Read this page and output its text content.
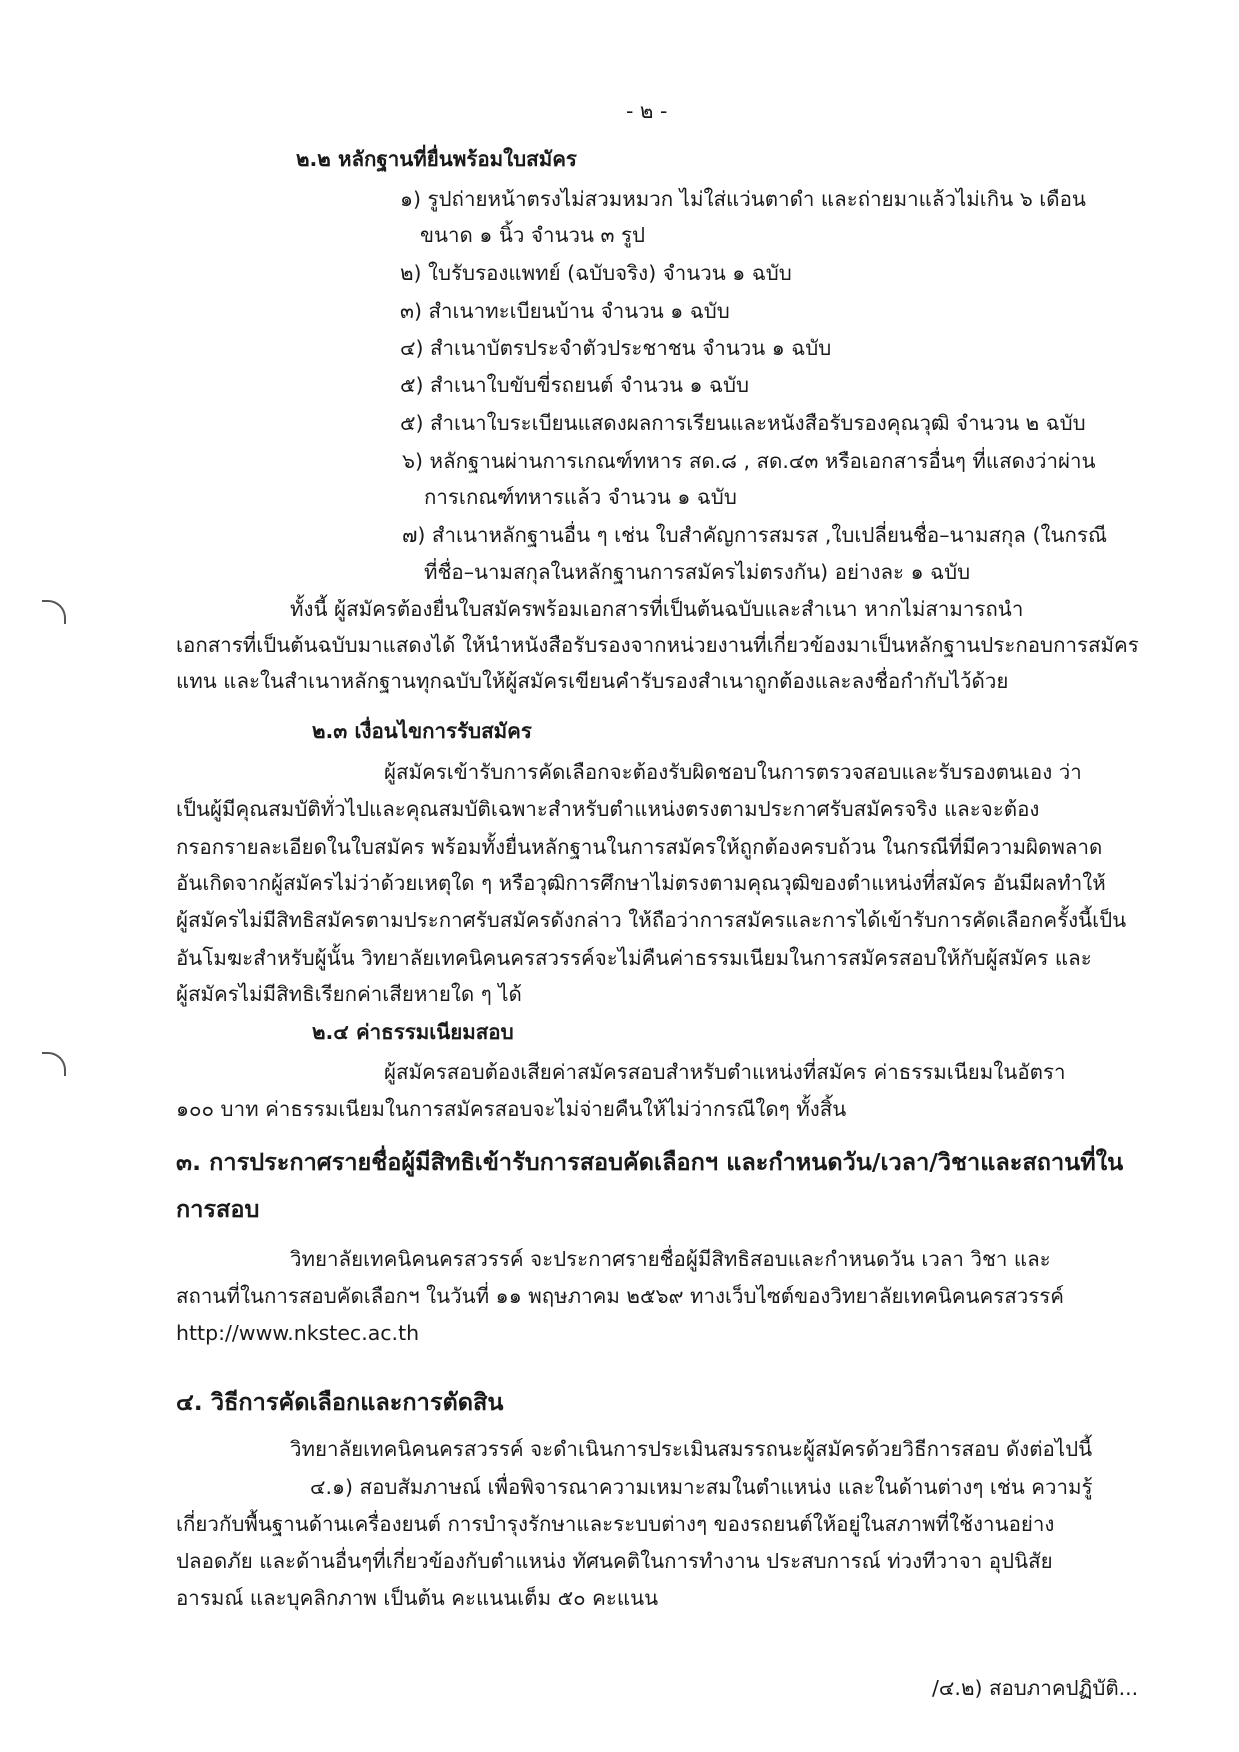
- ๒ -
๒.๒ หลักฐานที่ยื่นพร้อมใบสมัคร
๑) รูปถ่ายหน้าตรงไม่สวมหมวก ไม่ใส่แว่นตาดำ และถ่ายมาแล้วไม่เกิน ๖ เดือน
ขนาด ๑ นิ้ว จำนวน ๓ รูป
๒) ใบรับรองแพทย์ (ฉบับจริง) จำนวน ๑ ฉบับ
๓) สำเนาทะเบียนบ้าน จำนวน ๑ ฉบับ
๔) สำเนาบัตรประจำตัวประชาชน จำนวน ๑ ฉบับ
๕) สำเนาใบขับขี่รถยนต์ จำนวน ๑ ฉบับ
๕) สำเนาใบระเบียนแสดงผลการเรียนและหนังสือรับรองคุณวุฒิ จำนวน ๒ ฉบับ
๖) หลักฐานผ่านการเกณฑ์ทหาร สด.๘ , สด.๔๓ หรือเอกสารอื่นๆ ที่แสดงว่าผ่าน
การเกณฑ์ทหารแล้ว จำนวน ๑ ฉบับ
๗) สำเนาหลักฐานอื่น ๆ เช่น ใบสำคัญการสมรส ,ใบเปลี่ยนชื่อ–นามสกุล (ในกรณี
ที่ชื่อ–นามสกุลในหลักฐานการสมัครไม่ตรงกัน) อย่างละ ๑ ฉบับ
ทั้งนี้ ผู้สมัครต้องยื่นใบสมัครพร้อมเอกสารที่เป็นต้นฉบับและสำเนา หากไม่สามารถนำ
เอกสารที่เป็นต้นฉบับมาแสดงได้ ให้นำหนังสือรับรองจากหน่วยงานที่เกี่ยวข้องมาเป็นหลักฐานประกอบการสมัคร
แทน และในสำเนาหลักฐานทุกฉบับให้ผู้สมัครเขียนคำรับรองสำเนาถูกต้องและลงชื่อกำกับไว้ด้วย
๒.๓ เงื่อนไขการรับสมัคร
ผู้สมัครเข้ารับการคัดเลือกจะต้องรับผิดชอบในการตรวจสอบและรับรองตนเอง ว่า
เป็นผู้มีคุณสมบัติทั่วไปและคุณสมบัติเฉพาะสำหรับตำแหน่งตรงตามประกาศรับสมัครจริง และจะต้อง
กรอกรายละเอียดในใบสมัคร พร้อมทั้งยื่นหลักฐานในการสมัครให้ถูกต้องครบถ้วน ในกรณีที่มีความผิดพลาด
อันเกิดจากผู้สมัครไม่ว่าด้วยเหตุใด ๆ หรือวุฒิการศึกษาไม่ตรงตามคุณวุฒิของตำแหน่งที่สมัคร อันมีผลทำให้
ผู้สมัครไม่มีสิทธิสมัครตามประกาศรับสมัครดังกล่าว ให้ถือว่าการสมัครและการได้เข้ารับการคัดเลือกครั้งนี้เป็น
อันโมฆะสำหรับผู้นั้น วิทยาลัยเทคนิคนครสวรรค์จะไม่คืนค่าธรรมเนียมในการสมัครสอบให้กับผู้สมัคร และ
ผู้สมัครไม่มีสิทธิเรียกค่าเสียหายใด ๆ ได้
๒.๔ ค่าธรรมเนียมสอบ
ผู้สมัครสอบต้องเสียค่าสมัครสอบสำหรับตำแหน่งที่สมัคร ค่าธรรมเนียมในอัตรา
๑๐๐ บาท ค่าธรรมเนียมในการสมัครสอบจะไม่จ่ายคืนให้ไม่ว่ากรณีใดๆ ทั้งสิ้น
๓. การประกาศรายชื่อผู้มีสิทธิเข้ารับการสอบคัดเลือกฯ และกำหนดวัน/เวลา/วิชาและสถานที่ใน
การสอบ
วิทยาลัยเทคนิคนครสวรรค์ จะประกาศรายชื่อผู้มีสิทธิสอบและกำหนดวัน เวลา วิชา และ
สถานที่ในการสอบคัดเลือกฯ ในวันที่ ๑๑ พฤษภาคม ๒๕๖๙ ทางเว็บไซต์ของวิทยาลัยเทคนิคนครสวรรค์
http://www.nkstec.ac.th
๔. วิธีการคัดเลือกและการตัดสิน
วิทยาลัยเทคนิคนครสวรรค์ จะดำเนินการประเมินสมรรถนะผู้สมัครด้วยวิธีการสอบ ดังต่อไปนี้
๔.๑) สอบสัมภาษณ์ เพื่อพิจารณาความเหมาะสมในตำแหน่ง และในด้านต่างๆ เช่น ความรู้
เกี่ยวกับพื้นฐานด้านเครื่องยนต์ การบำรุงรักษาและระบบต่างๆ ของรถยนต์ให้อยู่ในสภาพที่ใช้งานอย่าง
ปลอดภัย และด้านอื่นๆที่เกี่ยวข้องกับตำแหน่ง ทัศนคติในการทำงาน ประสบการณ์ ท่วงทีวาจา อุปนิสัย
อารมณ์ และบุคลิกภาพ เป็นต้น คะแนนเต็ม ๕๐ คะแนน
/๔.๒) สอบภาคปฏิบัติ...
